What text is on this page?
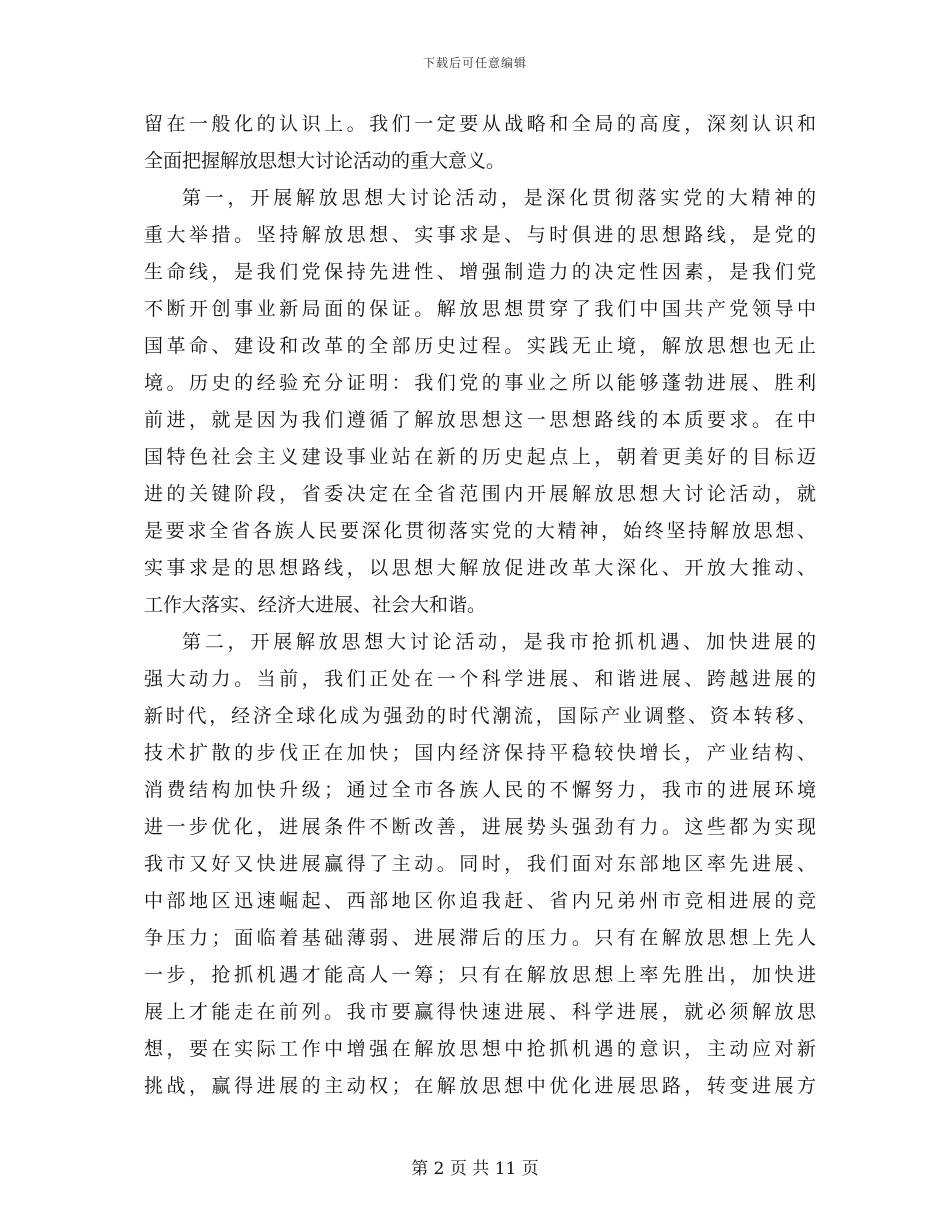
下载后可任意编辑
留在一般化的认识上。我们一定要从战略和全局的高度，深刻认识和
全面把握解放思想大讨论活动的重大意义。
第一，开展解放思想大讨论活动，是深化贯彻落实党的大精神的
重大举措。坚持解放思想、实事求是、与时俱进的思想路线，是党的
生命线，是我们党保持先进性、增强制造力的决定性因素，是我们党
不断开创事业新局面的保证。解放思想贯穿了我们中国共产党领导中
国革命、建设和改革的全部历史过程。实践无止境，解放思想也无止
境。历史的经验充分证明：我们党的事业之所以能够蓬勃进展、胜利
前进，就是因为我们遵循了解放思想这一思想路线的本质要求。在中
国特色社会主义建设事业站在新的历史起点上，朝着更美好的目标迈
进的关键阶段，省委决定在全省范围内开展解放思想大讨论活动，就
是要求全省各族人民要深化贯彻落实党的大精神，始终坚持解放思想、
实事求是的思想路线，以思想大解放促进改革大深化、开放大推动、
工作大落实、经济大进展、社会大和谐。
第二，开展解放思想大讨论活动，是我市抢抓机遇、加快进展的
强大动力。当前，我们正处在一个科学进展、和谐进展、跨越进展的
新时代，经济全球化成为强劲的时代潮流，国际产业调整、资本转移、
技术扩散的步伐正在加快；国内经济保持平稳较快增长，产业结构、
消费结构加快升级；通过全市各族人民的不懈努力，我市的进展环境
进一步优化，进展条件不断改善，进展势头强劲有力。这些都为实现
我市又好又快进展赢得了主动。同时，我们面对东部地区率先进展、
中部地区迅速崛起、西部地区你追我赶、省内兄弟州市竞相进展的竞
争压力；面临着基础薄弱、进展滞后的压力。只有在解放思想上先人
一步，抢抓机遇才能高人一筹；只有在解放思想上率先胜出，加快进
展上才能走在前列。我市要赢得快速进展、科学进展，就必须解放思
想，要在实际工作中增强在解放思想中抢抓机遇的意识，主动应对新
挑战，赢得进展的主动权；在解放思想中优化进展思路，转变进展方
第 2 页 共 11 页
